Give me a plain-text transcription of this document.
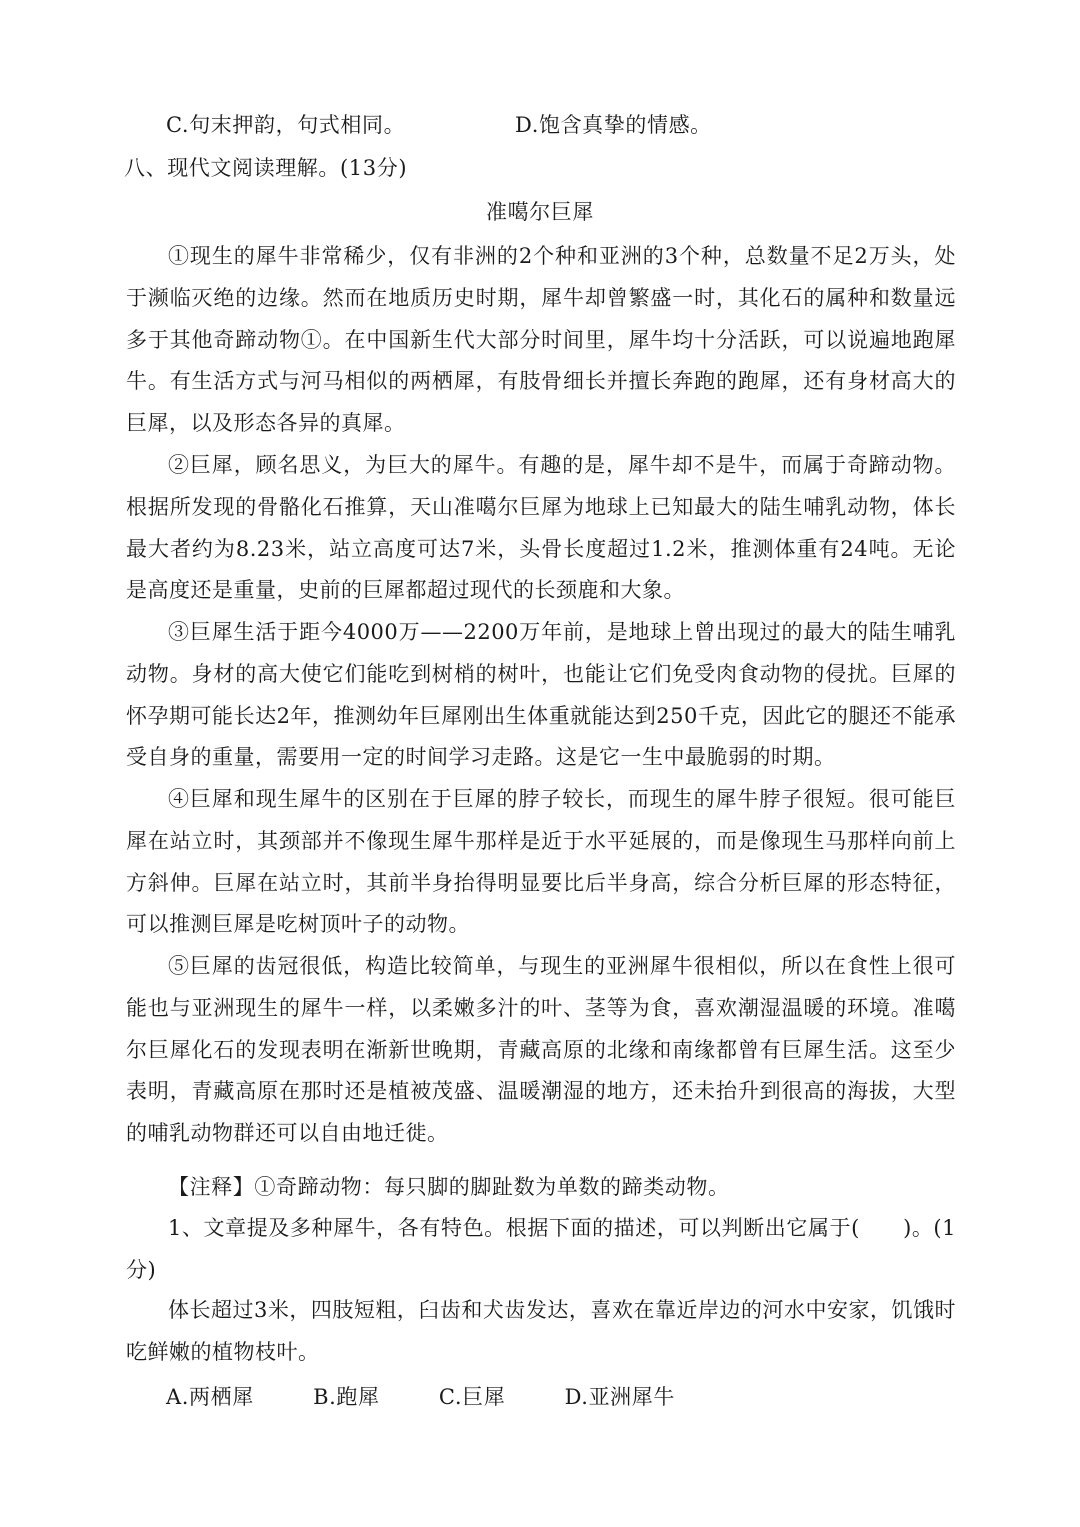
C.句末押韵，句式相同。	D.饱含真挚的情感。
八、现代文阅读理解。(13分)
准噶尔巨犀

①现生的犀牛非常稀少，仅有非洲的2个种和亚洲的3个种，总数量不足2万头，处于濒临灭绝的边缘。然而在地质历史时期，犀牛却曾繁盛一时，其化石的属种和数量远多于其他奇蹄动物①。在中国新生代大部分时间里，犀牛均十分活跃，可以说遍地跑犀牛。有生活方式与河马相似的两栖犀，有肢骨细长并擅长奔跑的跑犀，还有身材高大的巨犀，以及形态各异的真犀。

②巨犀，顾名思义，为巨大的犀牛。有趣的是，犀牛却不是牛，而属于奇蹄动物。根据所发现的骨骼化石推算，天山准噶尔巨犀为地球上已知最大的陆生哺乳动物，体长最大者约为8.23米，站立高度可达7米，头骨长度超过1.2米，推测体重有24吨。无论是高度还是重量，史前的巨犀都超过现代的长颈鹿和大象。

③巨犀生活于距今4000万——2200万年前，是地球上曾出现过的最大的陆生哺乳动物。身材的高大使它们能吃到树梢的树叶，也能让它们免受肉食动物的侵扰。巨犀的怀孕期可能长达2年，推测幼年巨犀刚出生体重就能达到250千克，因此它的腿还不能承受自身的重量，需要用一定的时间学习走路。这是它一生中最脆弱的时期。

④巨犀和现生犀牛的区别在于巨犀的脖子较长，而现生的犀牛脖子很短。很可能巨犀在站立时，其颈部并不像现生犀牛那样是近于水平延展的，而是像现生马那样向前上方斜伸。巨犀在站立时，其前半身抬得明显要比后半身高，综合分析巨犀的形态特征，可以推测巨犀是吃树顶叶子的动物。

⑤巨犀的齿冠很低，构造比较简单，与现生的亚洲犀牛很相似，所以在食性上很可能也与亚洲现生的犀牛一样，以柔嫩多汁的叶、茎等为食，喜欢潮湿温暖的环境。准噶尔巨犀化石的发现表明在渐新世晚期，青藏高原的北缘和南缘都曾有巨犀生活。这至少表明，青藏高原在那时还是植被茂盛、温暖潮湿的地方，还未抬升到很高的海拔，大型的哺乳动物群还可以自由地迁徙。

【注释】①奇蹄动物：每只脚的脚趾数为单数的蹄类动物。

1、文章提及多种犀牛，各有特色。根据下面的描述，可以判断出它属于(　　)。(1分)

体长超过3米，四肢短粗，臼齿和犬齿发达，喜欢在靠近岸边的河水中安家，饥饿时吃鲜嫩的植物枝叶。

A.两栖犀	B.跑犀	C.巨犀	D.亚洲犀牛
